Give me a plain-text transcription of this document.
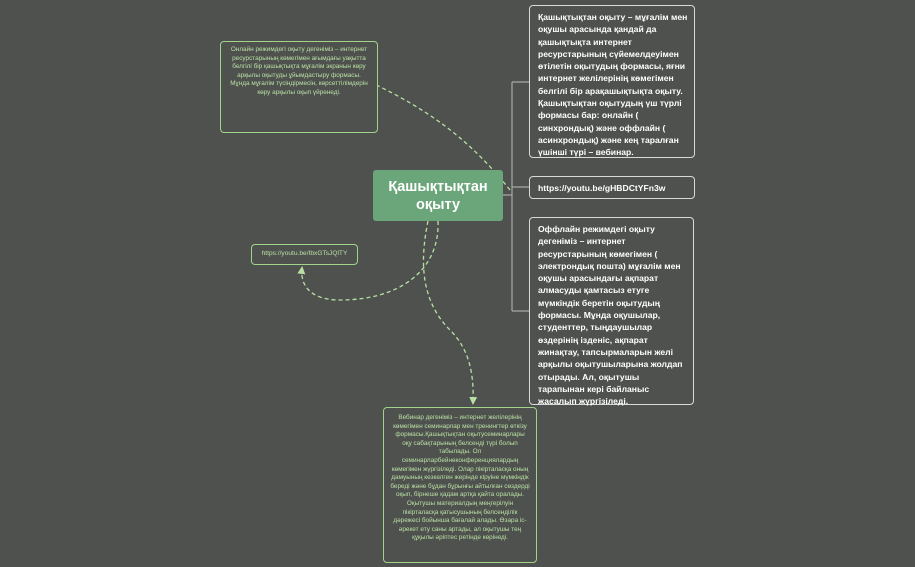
Қашықтықтан оқыту
Қашықтықтан оқыту – мұғалім мен оқушы арасында қандай да қашықтықта интернет ресурстарының сүйемелдеуімен өтілетін оқытудың формасы, яғни интернет желілерінің көмегімен белгілі бір арақашықтықта оқыту. Қашықтықтан оқытудың үш түрлі формасы бар: онлайн ( синхрондық) және оффлайн ( асинхрондық) және кең таралған үшінші түрі – вебинар.
https://youtu.be/gHBDCtYFn3w
Оффлайн режимдегі оқыту дегеніміз – интернет ресурстарының көмегімен ( электрондық пошта) мұғалім мен оқушы арасындағы ақпарат алмасуды қамтасыз етуге мүмкіндік беретін оқытудың формасы. Мұнда оқушылар, студенттер, тыңдаушылар өздерінің ізденіс, ақпарат жинақтау, тапсырмаларын желі арқылы оқытушыларына жолдап отырады. Ал, оқытушы тарапынан кері байланыс жасалып жүргізіледі.
Онлайн режимдегі оқыту дегеніміз – интернет ресурстарының көмегімен ағымдағы уақытта белгілі бір қашықтықта мұғалім экранын көру арқылы оқытуды ұйымдастыру формасы. Мұнда мұғалім түсіндірмесін, көрсеттілімдерін көру арқылы оқып үйренеді.
https://youtu.be/IbxGTsJQlTY
Вебинар дегеніміз – интернет желілерінің көмегімен семинарлар мен тренингтер өткізу формасы.Қашықтықтан оқытусеминарлары оқу сабақтарының белсенді түрі болып табылады. Ол семинарларбейнеконференциялардың көмегімен жүргізіледі. Олар пікірталасқа оның дамуының кезкелген жерінде кіруіне мүмкіндік береді және бұдан бұрынғы айтылған сөздерді оқып, бірнеше қадам артқа қайта оралады. Оқытушы материалдың меңгерілуін пікірталасқа қатысушының белсенділік дәрежесі бойынша бағалай алады. Өзара іс-әрекет ету саны артады, ал оқытушы тең құқылы әріптес ретінде көрінеді.
